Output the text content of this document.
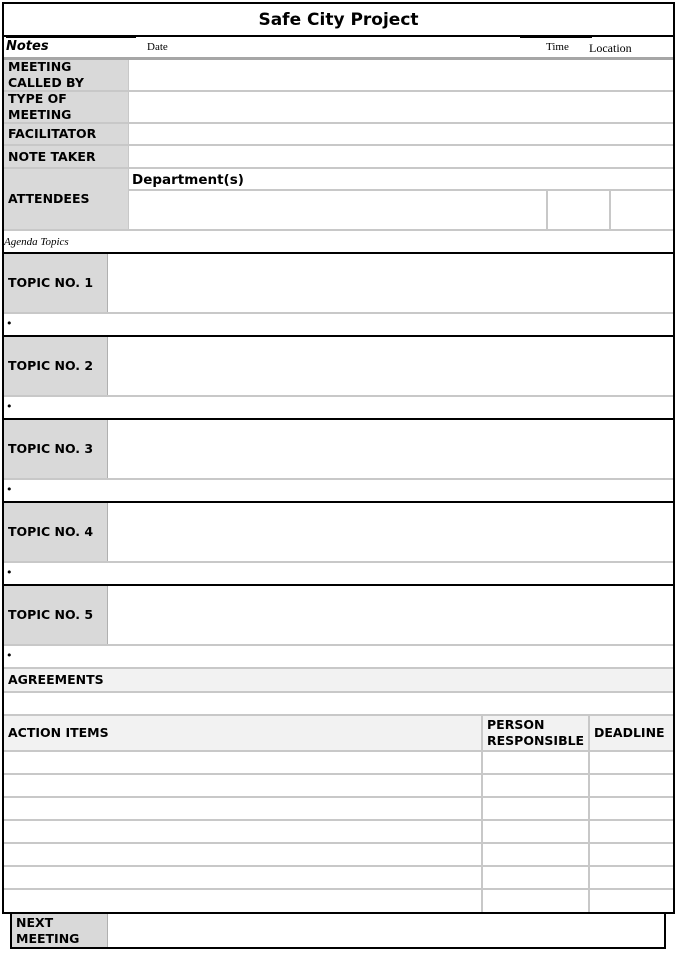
Safe City Project
Notes	Date	Time Location
MEETING CALLED BY
TYPE OF MEETING
FACILITATOR
NOTE TAKER
ATTENDEES
Department(s)
Agenda Topics
TOPIC NO. 1
•
TOPIC NO. 2
•
TOPIC NO. 3
•
TOPIC NO. 4
•
TOPIC NO. 5
•
AGREEMENTS
ACTION ITEMS
PERSON RESPONSIBLE
DEADLINE
NEXT MEETING
